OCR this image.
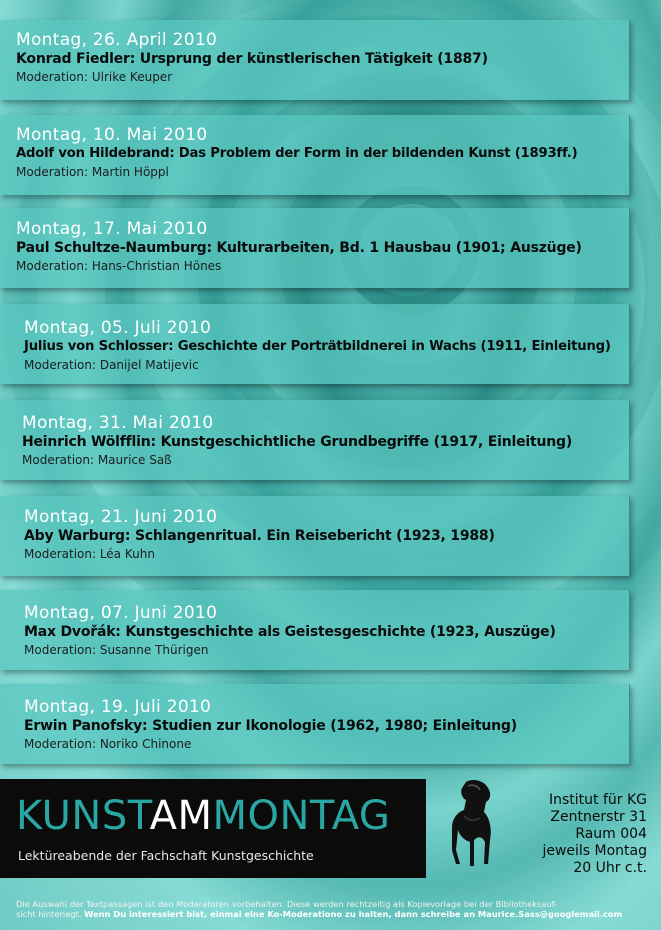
Montag, 26. April 2010
Konrad Fiedler: Ursprung der künstlerischen Tätigkeit (1887)
Moderation: Ulrike Keuper
Montag, 10. Mai 2010
Adolf von Hildebrand: Das Problem der Form in der bildenden Kunst (1893ff.)
Moderation: Martin Höppl
Montag, 17. Mai 2010
Paul Schultze-Naumburg: Kulturarbeiten, Bd. 1 Hausbau (1901; Auszüge)
Moderation: Hans-Christian Hönes
Montag, 05. Juli 2010
Julius von Schlosser: Geschichte der Porträtbildnerei in Wachs (1911, Einleitung)
Moderation: Danijel Matijevic
Montag, 31. Mai 2010
Heinrich Wölfflin: Kunstgeschichtliche Grundbegriffe (1917, Einleitung)
Moderation: Maurice Saß
Montag, 21. Juni 2010
Aby Warburg: Schlangenritual. Ein Reisebericht (1923, 1988)
Moderation: Léa Kuhn
Montag, 07. Juni 2010
Max Dvořák: Kunstgeschichte als Geistesgeschichte (1923, Auszüge)
Moderation: Susanne Thürigen
Montag, 19. Juli 2010
Erwin Panofsky: Studien zur Ikonologie (1962, 1980; Einleitung)
Moderation: Noriko Chinone
KUNSTAMMONTAG
Lektüreabende der Fachschaft Kunstgeschichte
Institut für KG
Zentnerstr 31
Raum 004
jeweils Montag
20 Uhr c.t.
Die Auswahl der Textpassagen ist den Moderatoren vorbehalten. Diese werden rechtzeitig als Kopievorlage bei der Bibliotheksauf-
sicht hinterlegt. Wenn Du interessiert bist, einmal eine Ko-Moderationo zu halten, dann schreibe an Maurice.Sass@googlemail.com
